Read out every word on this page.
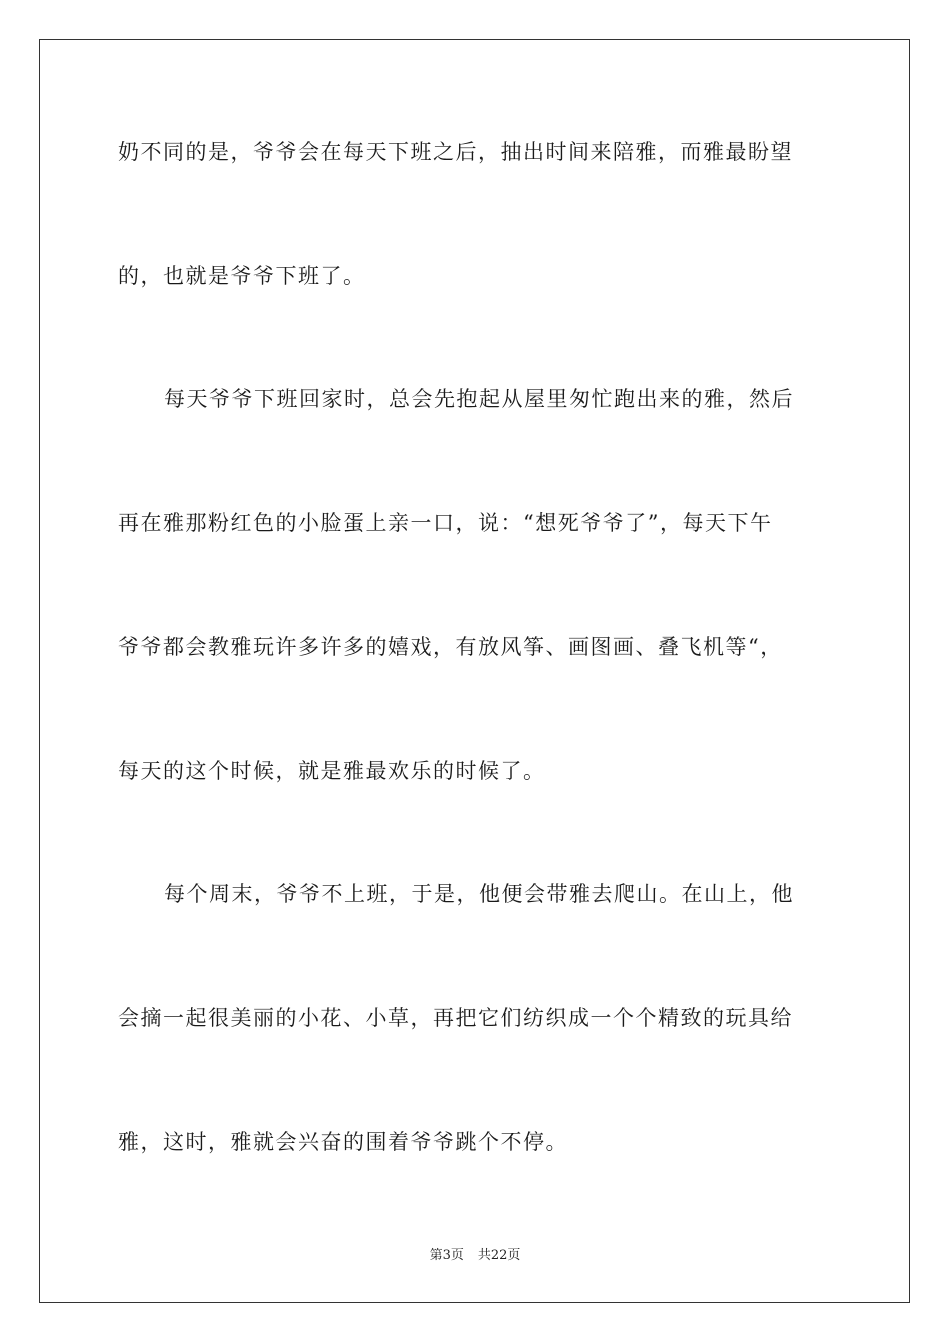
奶不同的是，爷爷会在每天下班之后，抽出时间来陪雅，而雅最盼望
的，也就是爷爷下班了。
每天爷爷下班回家时，总会先抱起从屋里匆忙跑出来的雅，然后
再在雅那粉红色的小脸蛋上亲一口，说：“想死爷爷了”，每天下午
爷爷都会教雅玩许多许多的嬉戏，有放风筝、画图画、叠飞机等“，
每天的这个时候，就是雅最欢乐的时候了。
每个周末，爷爷不上班，于是，他便会带雅去爬山。在山上，他
会摘一起很美丽的小花、小草，再把它们纺织成一个个精致的玩具给
雅，这时，雅就会兴奋的围着爷爷跳个不停。
第3页 共22页
